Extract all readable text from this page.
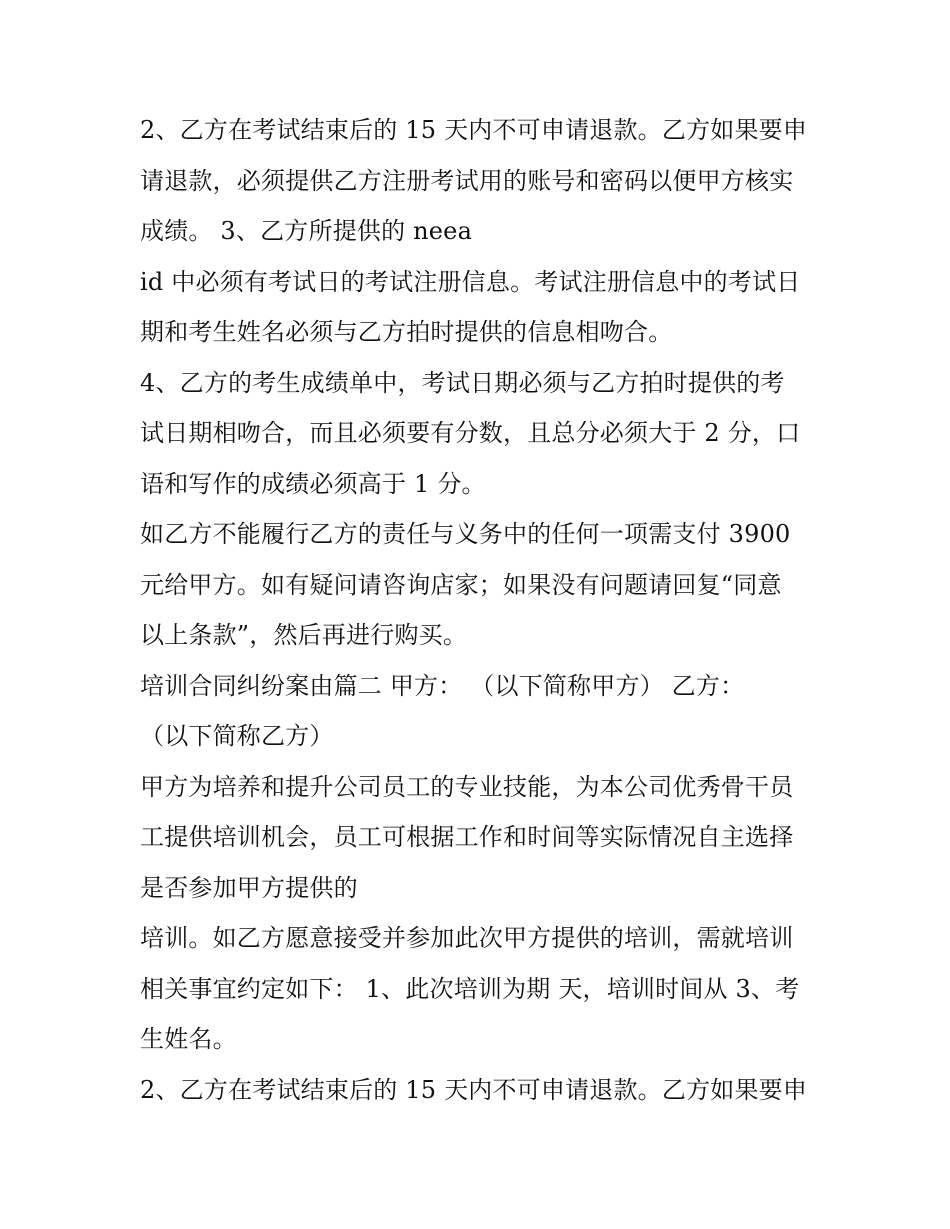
2、乙方在考试结束后的 15 天内不可申请退款。乙方如果要申
请退款，必须提供乙方注册考试用的账号和密码以便甲方核实
成绩。 3、乙方所提供的 neea
id 中必须有考试日的考试注册信息。考试注册信息中的考试日
期和考生姓名必须与乙方拍时提供的信息相吻合。
4、乙方的考生成绩单中，考试日期必须与乙方拍时提供的考
试日期相吻合，而且必须要有分数，且总分必须大于 2 分，口
语和写作的成绩必须高于 1 分。
如乙方不能履行乙方的责任与义务中的任何一项需支付 3900
元给甲方。如有疑问请咨询店家；如果没有问题请回复“同意
以上条款”，然后再进行购买。
培训合同纠纷案由篇二 甲方： （以下简称甲方） 乙方：
（以下简称乙方）
甲方为培养和提升公司员工的专业技能，为本公司优秀骨干员
工提供培训机会，员工可根据工作和时间等实际情况自主选择
是否参加甲方提供的
培训。如乙方愿意接受并参加此次甲方提供的培训，需就培训
相关事宜约定如下： 1、此次培训为期 天，培训时间从 3、考
生姓名。
2、乙方在考试结束后的 15 天内不可申请退款。乙方如果要申
